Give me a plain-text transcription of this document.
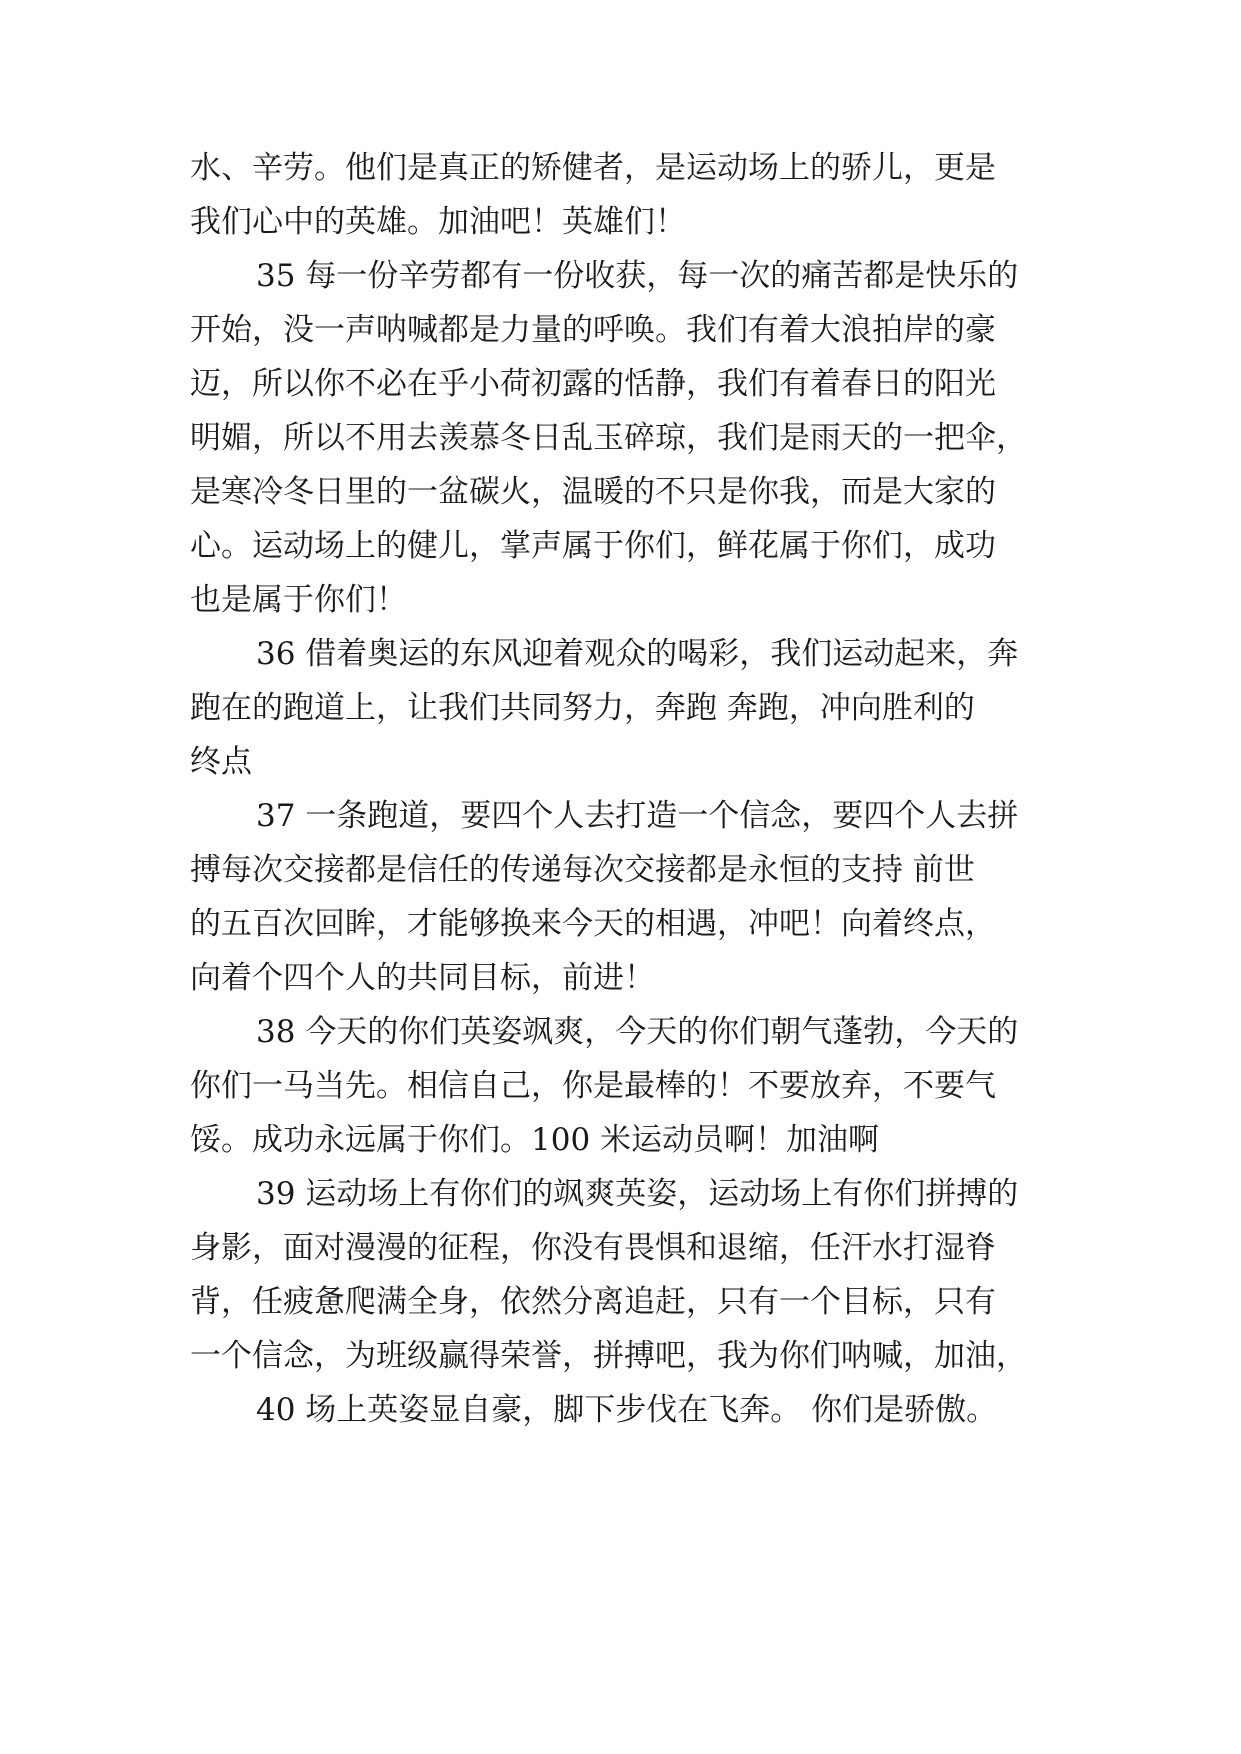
水、辛劳。他们是真正的矫健者，是运动场上的骄儿，更是

我们心中的英雄。加油吧！英雄们！

35 每一份辛劳都有一份收获，每一次的痛苦都是快乐的

开始，没一声呐喊都是力量的呼唤。我们有着大浪拍岸的豪

迈，所以你不必在乎小荷初露的恬静，我们有着春日的阳光

明媚，所以不用去羡慕冬日乱玉碎琼，我们是雨天的一把伞，

是寒冷冬日里的一盆碳火，温暖的不只是你我，而是大家的

心。运动场上的健儿，掌声属于你们，鲜花属于你们，成功

也是属于你们！

36 借着奥运的东风迎着观众的喝彩，我们运动起来，奔

跑在的跑道上，让我们共同努力，奔跑 奔跑，冲向胜利的

终点

37 一条跑道，要四个人去打造一个信念，要四个人去拼

搏每次交接都是信任的传递每次交接都是永恒的支持 前世

的五百次回眸，才能够换来今天的相遇，冲吧！向着终点，

向着个四个人的共同目标，前进！

38 今天的你们英姿飒爽，今天的你们朝气蓬勃，今天的

你们一马当先。相信自己，你是最棒的！不要放弃，不要气

馁。成功永远属于你们。100 米运动员啊！加油啊

39 运动场上有你们的飒爽英姿，运动场上有你们拼搏的

身影，面对漫漫的征程，你没有畏惧和退缩，任汗水打湿脊

背，任疲惫爬满全身，依然分离追赶，只有一个目标，只有

一个信念，为班级赢得荣誉，拼搏吧，我为你们呐喊，加油，

40 场上英姿显自豪，脚下步伐在飞奔。 你们是骄傲。
